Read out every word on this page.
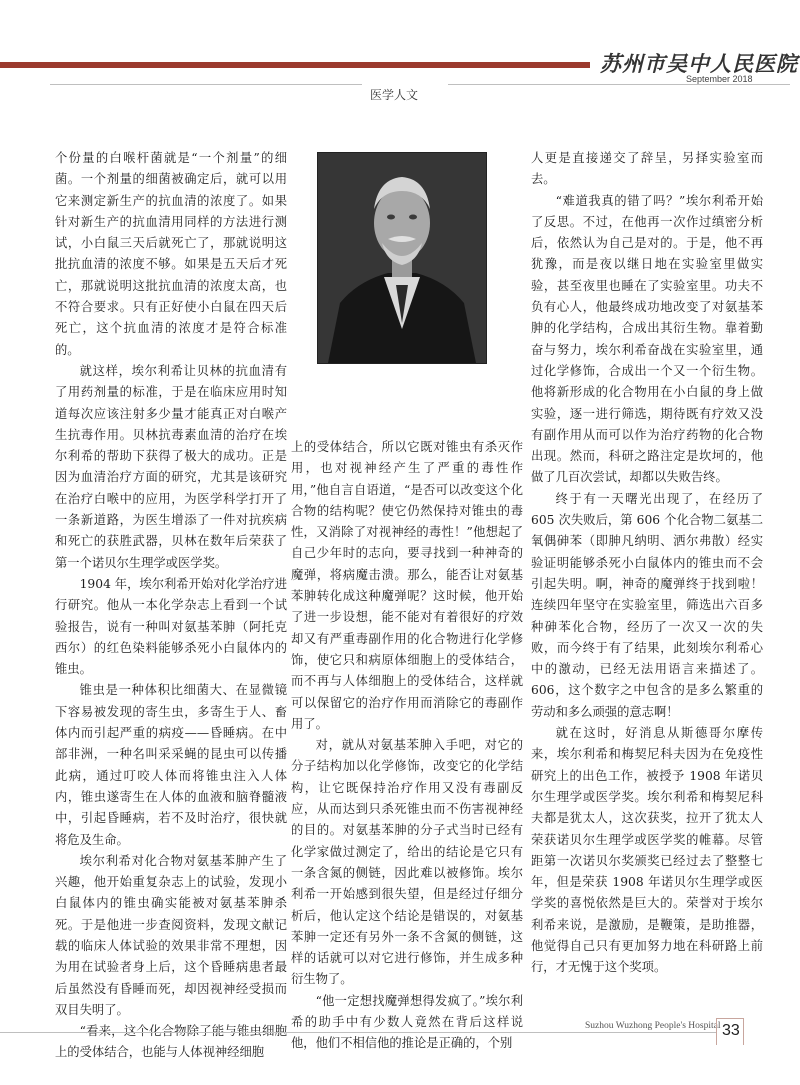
苏州市吴中人民医院
September 2018
医学人文

个份量的白喉杆菌就是“一个剂量”的细菌。一个剂量的细菌被确定后，就可以用它来测定新生产的抗血清的浓度了。如果针对新生产的抗血清用同样的方法进行测试，小白鼠三天后就死亡了，那就说明这批抗血清的浓度不够。如果是五天后才死亡，那就说明这批抗血清的浓度太高，也不符合要求。只有正好使小白鼠在四天后死亡，这个抗血清的浓度才是符合标准的。

就这样，埃尔利希让贝林的抗血清有了用药剂量的标准，于是在临床应用时知道每次应该注射多少量才能真正对白喉产生抗毒作用。贝林抗毒素血清的治疗在埃尔利希的帮助下获得了极大的成功。正是因为血清治疗方面的研究，尤其是该研究在治疗白喉中的应用，为医学科学打开了一条新道路，为医生增添了一件对抗疾病和死亡的获胜武器，贝林在数年后荣获了第一个诺贝尔生理学或医学奖。

1904 年，埃尔利希开始对化学治疗进行研究。他从一本化学杂志上看到一个试验报告，说有一种叫对氨基苯胂（阿托克西尔）的红色染料能够杀死小白鼠体内的锥虫。

锥虫是一种体积比细菌大、在显微镜下容易被发现的寄生虫，多寄生于人、畜体内而引起严重的病疫——昏睡病。在中部非洲，一种名叫采采蝇的昆虫可以传播此病，通过叮咬人体而将锥虫注入人体内，锥虫遂寄生在人体的血液和脑脊髓液中，引起昏睡病，若不及时治疗，很快就将危及生命。

埃尔利希对化合物对氨基苯胂产生了兴趣，他开始重复杂志上的试验，发现小白鼠体内的锥虫确实能被对氨基苯胂杀死。于是他进一步查阅资料，发现文献记载的临床人体试验的效果非常不理想，因为用在试验者身上后，这个昏睡病患者最后虽然没有昏睡而死，却因视神经受损而双目失明了。

上的受体结合，也能与人体视神经细胞

上的受体结合，所以它既对锥虫有杀灭作用，也对视神经产生了严重的毒性作用，”他自言自语道，“是否可以改变这个化合物的结构呢？使它仍然保持对锥虫的毒性，又消除了对视神经的毒性！”他想起了自己少年时的志向，要寻找到一种神奇的魔弹，将病魔击溃。那么，能否让对氨基苯胂转化成这种魔弹呢？这时候，他开始了进一步设想，能不能对有着很好的疗效却又有严重毒副作用的化合物进行化学修饰，使它只和病原体细胞上的受体结合，而不再与人体细胞上的受体结合，这样就可以保留它的治疗作用而消除它的毒副作用了。

对，就从对氨基苯胂入手吧，对它的分子结构加以化学修饰，改变它的化学结构，让它既保持治疗作用又没有毒副反应，从而达到只杀死锥虫而不伤害视神经的目的。对氨基苯胂的分子式当时已经有化学家做过测定了，给出的结论是它只有一条含氮的侧链，因此难以被修饰。埃尔利希一开始感到很失望，但是经过仔细分析后，他认定这个结论是错误的，对氨基苯胂一定还有另外一条不含氮的侧链，这样的话就可以对它进行修饰，并生成多种衍生物了。

“他一定想找魔弹想得发疯了。”埃尔利希的助手中有少数人竟然在背后这样说他，他们不相信他的推论是正确的，个别

人更是直接递交了辞呈，另择实验室而去。

“难道我真的错了吗？”埃尔利希开始了反思。不过，在他再一次作过缜密分析后，依然认为自己是对的。于是，他不再犹豫，而是夜以继日地在实验室里做实验，甚至夜里也睡在了实验室里。功夫不负有心人，他最终成功地改变了对氨基苯胂的化学结构，合成出其衍生物。靠着勤奋与努力，埃尔利希奋战在实验室里，通过化学修饰，合成出一个又一个衍生物。他将新形成的化合物用在小白鼠的身上做实验，逐一进行筛选，期待既有疗效又没有副作用从而可以作为治疗药物的化合物出现。然而，科研之路注定是坎坷的，他做了几百次尝试，却都以失败告终。

终于有一天曙光出现了，在经历了605 次失败后，第 606 个化合物二氨基二氧偶砷苯（即胂凡纳明、洒尔弗散）经实验证明能够杀死小白鼠体内的锥虫而不会引起失明。啊，神奇的魔弹终于找到啦！连续四年坚守在实验室里，筛选出六百多种砷苯化合物，经历了一次又一次的失败，而今终于有了结果，此刻埃尔利希心中的激动，已经无法用语言来描述了。606，这个数字之中包含的是多么繁重的劳动和多么顽强的意志啊！

就在这时，好消息从斯德哥尔摩传来，埃尔利希和梅契尼科夫因为在免疫性研究上的出色工作，被授予 1908 年诺贝尔生理学或医学奖。埃尔利希和梅契尼科夫都是犹太人，这次获奖，拉开了犹太人荣获诺贝尔生理学或医学奖的帷幕。尽管距第一次诺贝尔奖颁奖已经过去了整整七年，但是荣获 1908 年诺贝尔生理学或医学奖的喜悦依然是巨大的。荣誉对于埃尔利希来说，是激励，是鞭策，是助推器，他觉得自己只有更加努力地在科研路上前行，才无愧于这个奖项。

Suzhou Wuzhong People's Hospital 33
